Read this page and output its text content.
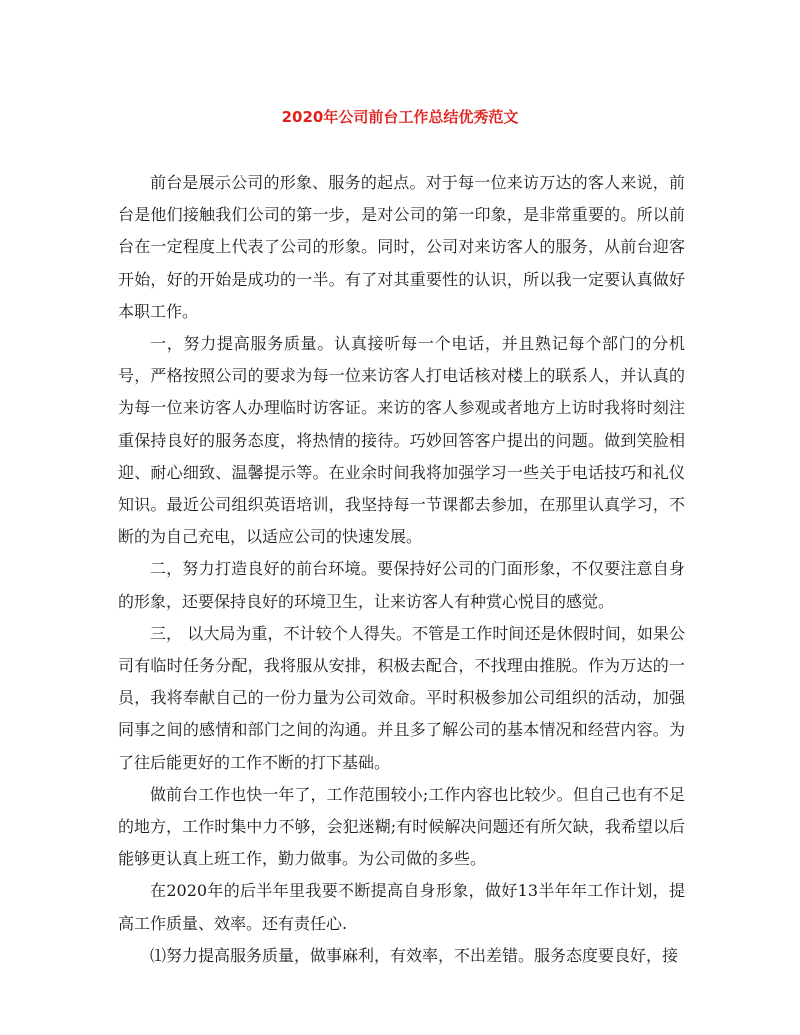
2020年公司前台工作总结优秀范文

前台是展示公司的形象、服务的起点。对于每一位来访万达的客人来说，前台是他们接触我们公司的第一步，是对公司的第一印象，是非常重要的。所以前台在一定程度上代表了公司的形象。同时，公司对来访客人的服务，从前台迎客开始，好的开始是成功的一半。有了对其重要性的认识，所以我一定要认真做好本职工作。

一，努力提高服务质量。认真接听每一个电话，并且熟记每个部门的分机号，严格按照公司的要求为每一位来访客人打电话核对楼上的联系人，并认真的为每一位来访客人办理临时访客证。来访的客人参观或者地方上访时我将时刻注重保持良好的服务态度，将热情的接待。巧妙回答客户提出的问题。做到笑脸相迎、耐心细致、温馨提示等。在业余时间我将加强学习一些关于电话技巧和礼仪知识。最近公司组织英语培训，我坚持每一节课都去参加，在那里认真学习，不断的为自己充电，以适应公司的快速发展。

二，努力打造良好的前台环境。要保持好公司的门面形象，不仅要注意自身的形象，还要保持良好的环境卫生，让来访客人有种赏心悦目的感觉。

三， 以大局为重，不计较个人得失。不管是工作时间还是休假时间，如果公司有临时任务分配，我将服从安排，积极去配合，不找理由推脱。作为万达的一员，我将奉献自己的一份力量为公司效命。平时积极参加公司组织的活动，加强同事之间的感情和部门之间的沟通。并且多了解公司的基本情况和经营内容。为了往后能更好的工作不断的打下基础。

做前台工作也快一年了，工作范围较小;工作内容也比较少。但自己也有不足的地方，工作时集中力不够，会犯迷糊;有时候解决问题还有所欠缺，我希望以后能够更认真上班工作，勤力做事。为公司做的多些。

在2020年的后半年里我要不断提高自身形象，做好13半年年工作计划，提高工作质量、效率。还有责任心.

⑴努力提高服务质量，做事麻利，有效率，不出差错。服务态度要良好，接
